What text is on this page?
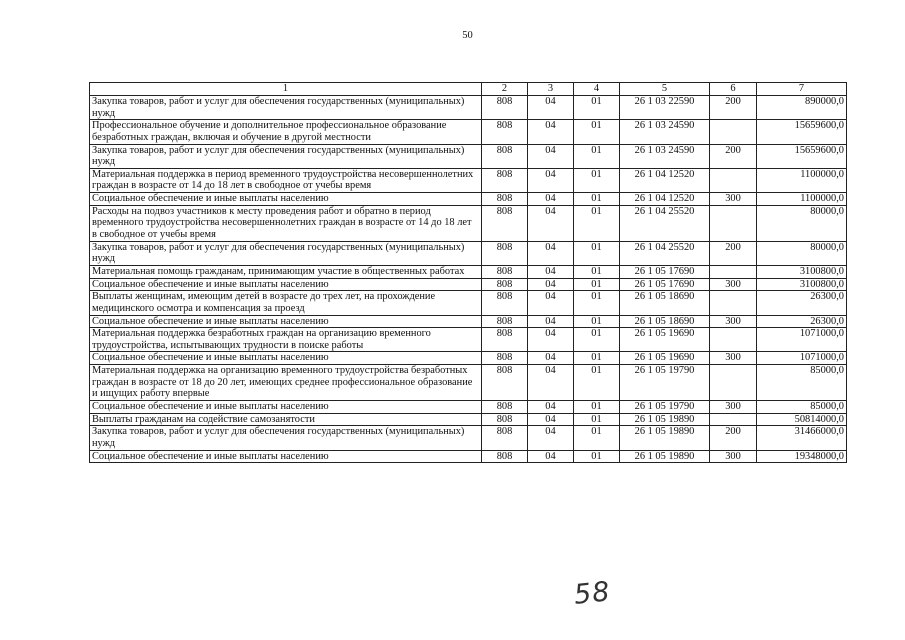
50
1	2	3	4	5	6	7
Закупка товаров, работ и услуг для обеспечения государственных (муниципальных) нужд	808	04	01	26 1 03 22590	200	890000,0
Профессиональное обучение и дополнительное профессиональное образование безработных граждан, включая и обучение в другой местности	808	04	01	26 1 03 24590		15659600,0
Закупка товаров, работ и услуг для обеспечения государственных (муниципальных) нужд	808	04	01	26 1 03 24590	200	15659600,0
Материальная поддержка в период временного трудоустройства несовершеннолетних граждан в возрасте от 14 до 18 лет в свободное от учебы время	808	04	01	26 1 04 12520		1100000,0
Социальное обеспечение и иные выплаты населению	808	04	01	26 1 04 12520	300	1100000,0
Расходы на подвоз участников к месту проведения работ и обратно в период временного трудоустройства несовершеннолетних граждан в возрасте от 14 до 18 лет в свободное от учебы время	808	04	01	26 1 04 25520		80000,0
Закупка товаров, работ и услуг для обеспечения государственных (муниципальных) нужд	808	04	01	26 1 04 25520	200	80000,0
Материальная помощь гражданам, принимающим участие в общественных работах	808	04	01	26 1 05 17690		3100800,0
Социальное обеспечение и иные выплаты населению	808	04	01	26 1 05 17690	300	3100800,0
Выплаты женщинам, имеющим детей в возрасте до трех лет, на прохождение медицинского осмотра и компенсация за проезд	808	04	01	26 1 05 18690		26300,0
Социальное обеспечение и иные выплаты населению	808	04	01	26 1 05 18690	300	26300,0
Материальная поддержка безработных граждан на организацию временного трудоустройства, испытывающих трудности в поиске работы	808	04	01	26 1 05 19690		1071000,0
Социальное обеспечение и иные выплаты населению	808	04	01	26 1 05 19690	300	1071000,0
Материальная поддержка на организацию временного трудоустройства безработных граждан в возрасте от 18 до 20 лет, имеющих среднее профессиональное образование и ищущих работу впервые	808	04	01	26 1 05 19790		85000,0
Социальное обеспечение и иные выплаты населению	808	04	01	26 1 05 19790	300	85000,0
Выплаты гражданам на содействие самозанятости	808	04	01	26 1 05 19890		50814000,0
Закупка товаров, работ и услуг для обеспечения государственных (муниципальных) нужд	808	04	01	26 1 05 19890	200	31466000,0
Социальное обеспечение и иные выплаты населению	808	04	01	26 1 05 19890	300	19348000,0
58
